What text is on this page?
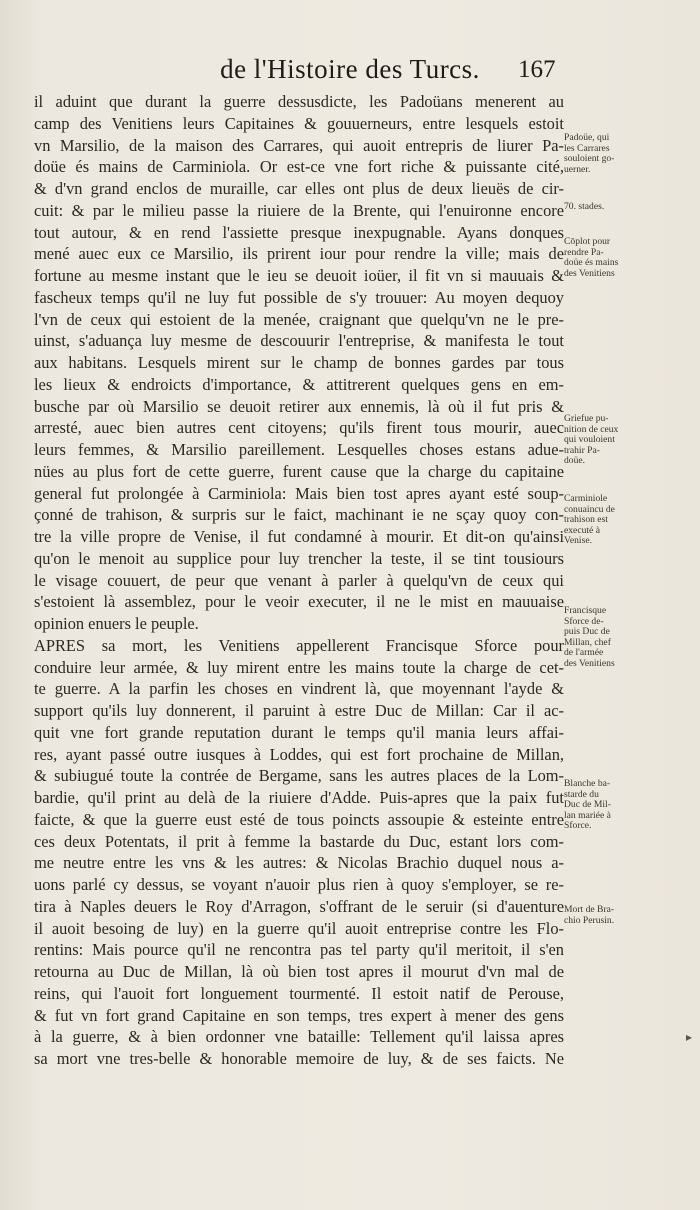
de l'Histoire des Turcs.	167
il aduint que durant la guerre dessusdicte, les Padoüans menerent au
camp des Venitiens leurs Capitaines & gouuerneurs, entre lesquels estoit
vn Marsilio, de la maison des Carrares, qui auoit entrepris de liurer Pa-
doüe és mains de Carminiola. Or est-ce vne fort riche & puissante cité,
& d'vn grand enclos de muraille, car elles ont plus de deux lieuës de cir-
cuit: & par le milieu passe la riuiere de la Brente, qui l'enuironne encore
tout autour, & en rend l'assiette presque inexpugnable. Ayans donques
mené auec eux ce Marsilio, ils prirent iour pour rendre la ville; mais de
fortune au mesme instant que le ieu se deuoit ioüer, il fit vn si mauuais &
fascheux temps qu'il ne luy fut possible de s'y trouuer: Au moyen dequoy
l'vn de ceux qui estoient de la menée, craignant que quelqu'vn ne le pre-
uinst, s'aduança luy mesme de descouurir l'entreprise, & manifesta le tout
aux habitans. Lesquels mirent sur le champ de bonnes gardes par tous
les lieux & endroicts d'importance, & attitrerent quelques gens en em-
busche par où Marsilio se deuoit retirer aux ennemis, là où il fut pris &
arresté, auec bien autres cent citoyens; qu'ils firent tous mourir, auec
leurs femmes, & Marsilio pareillement. Lesquelles choses estans adue-
nües au plus fort de cette guerre, furent cause que la charge du capitaine
general fut prolongée à Carminiola: Mais bien tost apres ayant esté soup-
çonné de trahison, & surpris sur le faict, machinant ie ne sçay quoy con-
tre la ville propre de Venise, il fut condamné à mourir. Et dit-on qu'ainsi
qu'on le menoit au supplice pour luy trencher la teste, il se tint tousiours
le visage couuert, de peur que venant à parler à quelqu'vn de ceux qui
s'estoient là assemblez, pour le veoir executer, il ne le mist en mauuaise
opinion enuers le peuple.
APRES sa mort, les Venitiens appellerent Francisque Sforce pour
conduire leur armée, & luy mirent entre les mains toute la charge de cet-
te guerre. A la parfin les choses en vindrent là, que moyennant l'ayde &
support qu'ils luy donnerent, il paruint à estre Duc de Millan: Car il ac-
quit vne fort grande reputation durant le temps qu'il mania leurs affai-
res, ayant passé outre iusques à Loddes, qui est fort prochaine de Millan,
& subiugué toute la contrée de Bergame, sans les autres places de la Lom-
bardie, qu'il print au delà de la riuiere d'Adde. Puis-apres que la paix fut
faicte, & que la guerre eust esté de tous poincts assoupie & esteinte entre
ces deux Potentats, il prit à femme la bastarde du Duc, estant lors com-
me neutre entre les vns & les autres: & Nicolas Brachio duquel nous a-
uons parlé cy dessus, se voyant n'auoir plus rien à quoy s'employer, se re-
tira à Naples deuers le Roy d'Arragon, s'offrant de le seruir (si d'auenture
il auoit besoing de luy) en la guerre qu'il auoit entreprise contre les Flo-
rentins: Mais pource qu'il ne rencontra pas tel party qu'il meritoit, il s'en
retourna au Duc de Millan, là où bien tost apres il mourut d'vn mal de
reins, qui l'auoit fort longuement tourmenté. Il estoit natif de Perouse,
& fut vn fort grand Capitaine en son temps, tres expert à mener des gens
à la guerre, & à bien ordonner vne bataille: Tellement qu'il laissa apres
sa mort vne tres-belle & honorable memoire de luy, & de ses faicts. Ne
Padoüe, qui
les Carrares
souloient go-
uerner.
70. stades.
Cōplot pour
rendre Pa-
doüe és mains
des Venitiens
Griefue pu-
nition de ceux
qui vouloient
trahir Pa-
doüe.
Carminiole
conuaincu de
trahison est
executé à
Venise.
Francisque
Sforce de-
puis Duc de
Millan, chef
de l'armée
des Venitiens
Blanche ba-
starde du
Duc de Mil-
lan mariée à
Sforce.
Mort de Bra-
chio Perusin.
▸
